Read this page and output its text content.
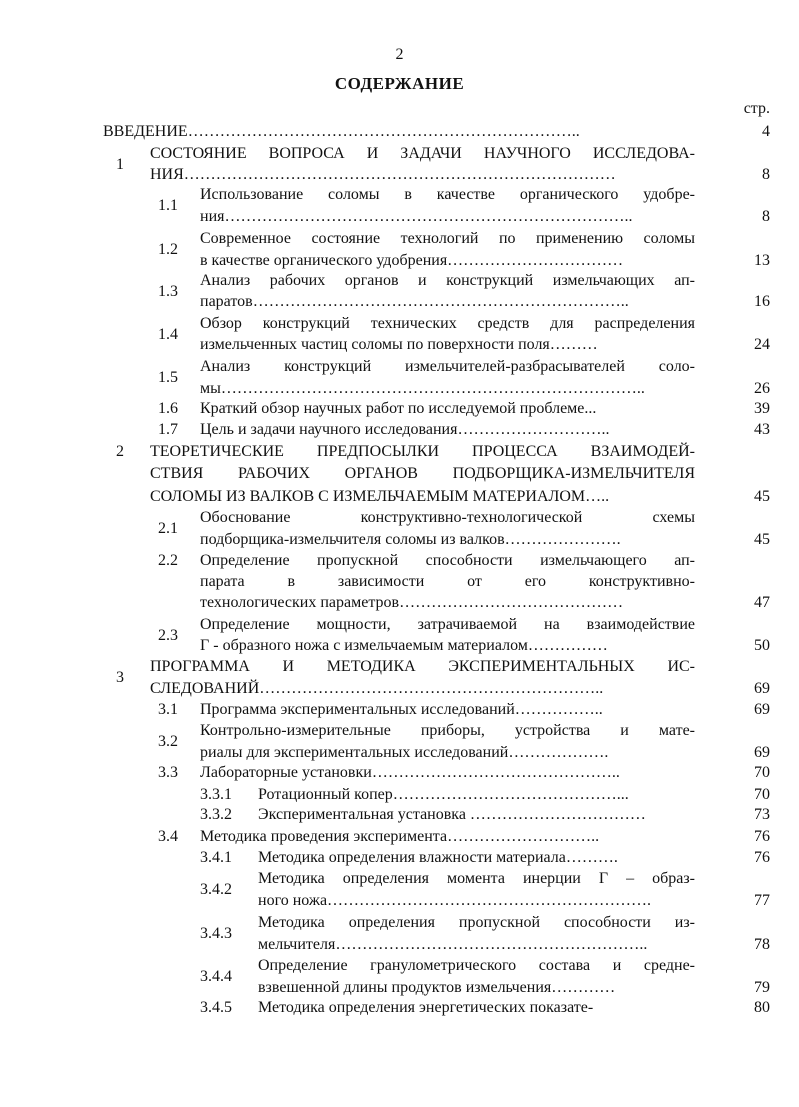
2
СОДЕРЖАНИЕ
стр.
ВВЕДЕНИЕ………………………………………………………………..	4
1
СОСТОЯНИЕ ВОПРОСА И ЗАДАЧИ НАУЧНОГО ИССЛЕДОВА-
НИЯ………………………………………………………………………	8
1.1
Использование соломы в качестве органического удобре-
ния…………………………………………………………………..	8
1.2
Современное состояние технологий по применению соломы
в качестве органического удобрения……………………………	13
1.3
Анализ рабочих органов и конструкций измельчающих ап-
паратов……………………………………………………………..	16
1.4
Обзор конструкций технических средств для распределения
измельченных частиц соломы по поверхности поля………	24
1.5
Анализ конструкций измельчителей-разбрасывателей соло-
мы……………………………………………………………………..	26
1.6 Краткий обзор научных работ по исследуемой проблеме...	39
1.7 Цель и задачи научного исследования………………………..	43
2 ТЕОРЕТИЧЕСКИЕ ПРЕДПОСЫЛКИ ПРОЦЕССА ВЗАИМОДЕЙ-
СТВИЯ РАБОЧИХ ОРГАНОВ ПОДБОРЩИКА-ИЗМЕЛЬЧИТЕЛЯ
СОЛОМЫ ИЗ ВАЛКОВ С ИЗМЕЛЬЧАЕМЫМ МАТЕРИАЛОМ…..	45
2.1
Обоснование конструктивно-технологической схемы
подборщика-измельчителя соломы из валков………………….	45
2.2 Определение пропускной способности измельчающего ап-
парата в зависимости от его конструктивно-
технологических параметров……………………………………	47
2.3
Определение мощности, затрачиваемой на взаимодействие
Г - образного ножа с измельчаемым материалом……………	50
3
ПРОГРАММА И МЕТОДИКА ЭКСПЕРИМЕНТАЛЬНЫХ ИС-
СЛЕДОВАНИЙ………………………………………………………..	69
3.1 Программа экспериментальных исследований……………..	69
3.2
Контрольно-измерительные приборы, устройства и мате-
риалы для экспериментальных исследований……………….	69
3.3 Лабораторные установки………………………………………..	70
3.3.1 Ротационный копер……………………………………...	70
3.3.2 Экспериментальная установка ……………………………	73
3.4 Методика проведения эксперимента………………………..	76
3.4.1 Методика определения влажности материала……….	76
3.4.2
Методика определения момента инерции Г – образ-
ного ножа…………………………………………………….	77
3.4.3
Методика определения пропускной способности из-
мельчителя…………………………………………………..	78
3.4.4
Определение гранулометрического состава и средне-
взвешенной длины продуктов измельчения…………	79
3.4.5 Методика определения энергетических показате-	80
